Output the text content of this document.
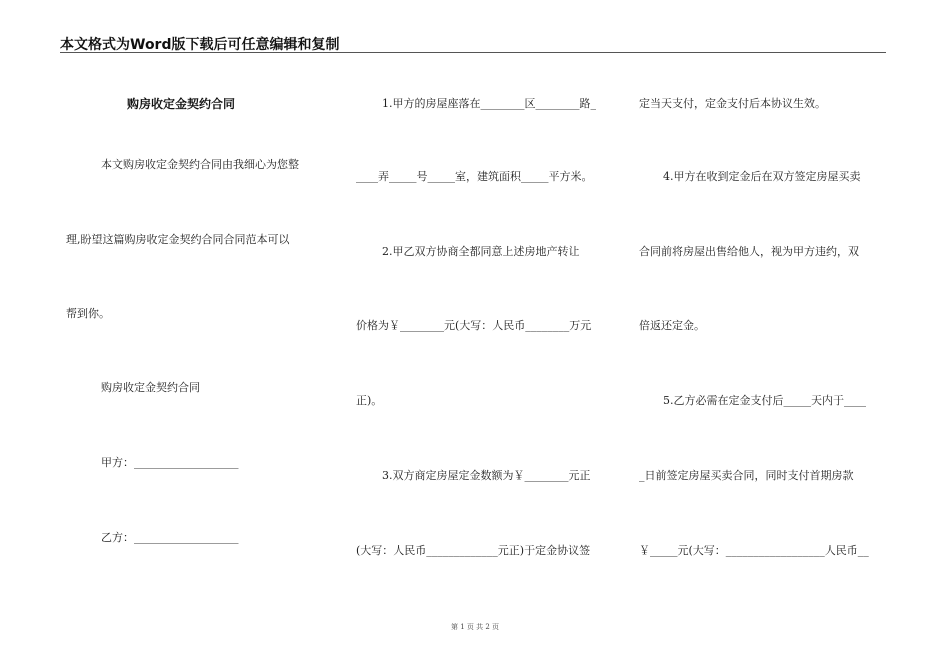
本文格式为Word版下载后可任意编辑和复制
购房收定金契约合同
本文购房收定金契约合同由我细心为您整
理,盼望这篇购房收定金契约合同合同范本可以
帮到你。
购房收定金契约合同
甲方：___________________
乙方：___________________
1.甲方的房屋座落在________区________路_
____弄_____号_____室，建筑面积_____平方米。
2.甲乙双方协商全都同意上述房地产转让
价格为￥________元(大写：人民币________万元
正)。
3.双方商定房屋定金数额为￥________元正
(大写：人民币_____________元正)于定金协议签
定当天支付，定金支付后本协议生效。
4.甲方在收到定金后在双方签定房屋买卖
合同前将房屋出售给他人，视为甲方违约，双
倍返还定金。
5.乙方必需在定金支付后_____天内于____
_日前签定房屋买卖合同，同时支付首期房款
￥_____元(大写：__________________人民币__
第 1 页 共 2 页
